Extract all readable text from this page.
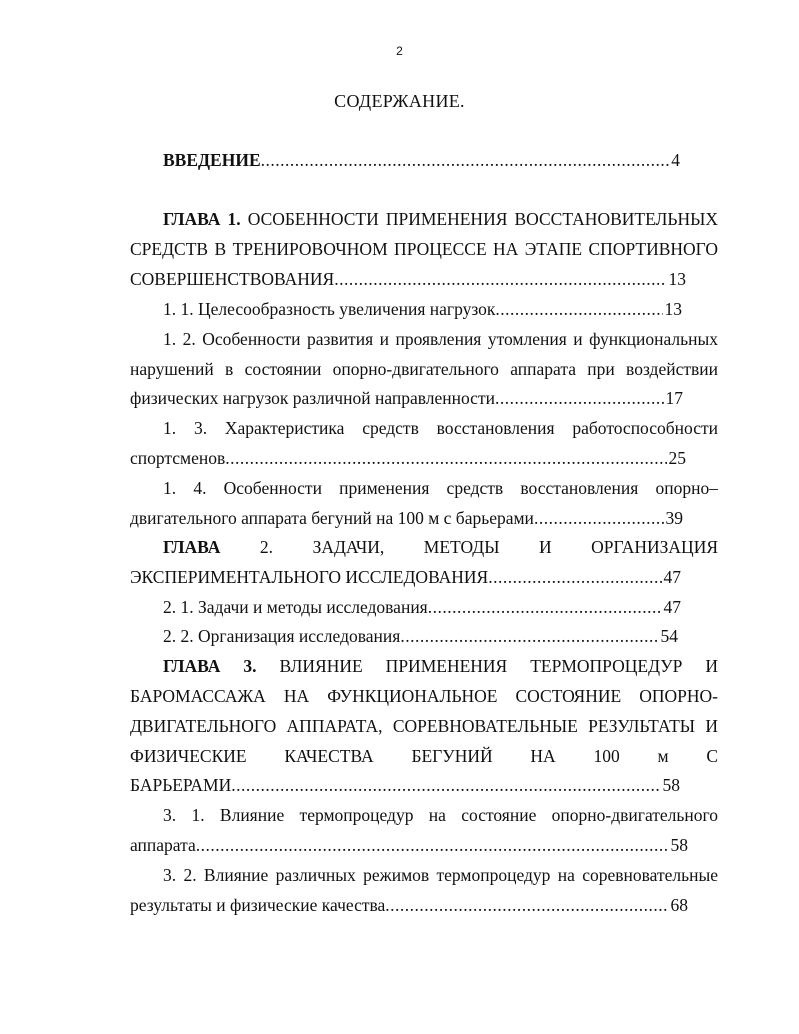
2
СОДЕРЖАНИЕ.
ВВЕДЕНИЕ .....	4
ГЛАВА 1. ОСОБЕННОСТИ ПРИМЕНЕНИЯ ВОССТАНОВИТЕЛЬНЫХ
СРЕДСТВ В ТРЕНИРОВОЧНОМ ПРОЦЕССЕ НА ЭТАПЕ СПОРТИВНОГО
СОВЕРШЕНСТВОВАНИЯ .....	13
1. 1. Целесообразность увеличения нагрузок .....	13
1. 2. Особенности развития и проявления утомления и функциональных
нарушений в состоянии опорно-двигательного аппарата при воздействии
физических нагрузок различной направленности .....	17
1. 3. Характеристика средств восстановления работоспособности
спортсменов .....	25
1. 4. Особенности применения средств восстановления опорно–
двигательного аппарата бегуний на 100 м с барьерами .....	39
ГЛАВА 2. ЗАДАЧИ, МЕТОДЫ И ОРГАНИЗАЦИЯ
ЭКСПЕРИМЕНТАЛЬНОГО ИССЛЕДОВАНИЯ .....	47
2. 1. Задачи и методы исследования .....	47
2. 2. Организация исследования .....	54
ГЛАВА 3. ВЛИЯНИЕ ПРИМЕНЕНИЯ ТЕРМОПРОЦЕДУР И
БАРОМАССАЖА НА ФУНКЦИОНАЛЬНОЕ СОСТОЯНИЕ ОПОРНО-
ДВИГАТЕЛЬНОГО АППАРАТА, СОРЕВНОВАТЕЛЬНЫЕ РЕЗУЛЬТАТЫ И
ФИЗИЧЕСКИЕ КАЧЕСТВА БЕГУНИЙ НА 100 м С
БАРЬЕРАМИ .....	58
3. 1. Влияние термопроцедур на состояние опорно-двигательного
аппарата .....	58
3. 2. Влияние различных режимов термопроцедур на соревновательные
результаты и физические качества .....	68
